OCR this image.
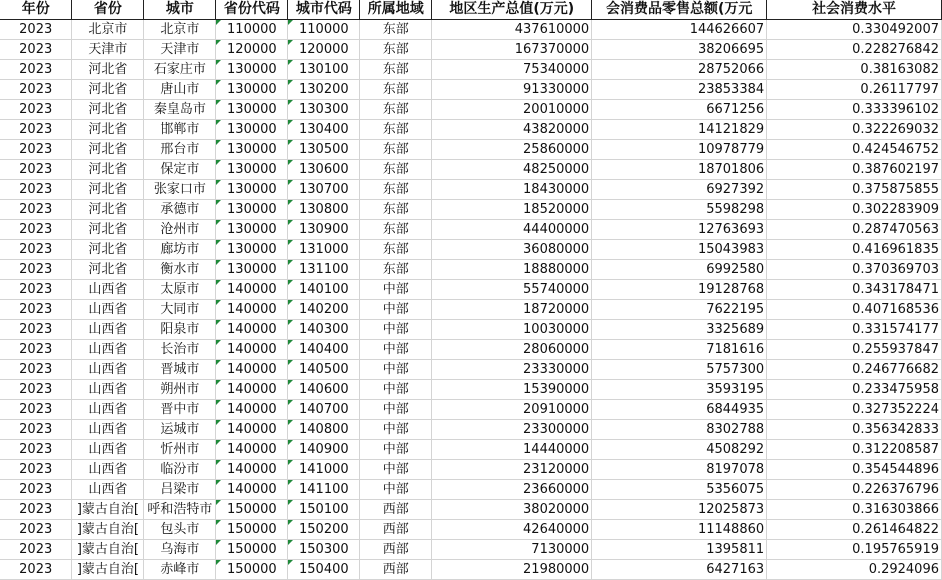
年份	省份	城市	省份代码	城市代码	所属地域	地区生产总值(万元)	会消费品零售总额(万元	社会消费水平
2023	北京市	北京市	110000	110000	东部	437610000	144626607	0.330492007
2023	天津市	天津市	120000	120000	东部	167370000	38206695	0.228276842
2023	河北省	石家庄市	130000	130100	东部	75340000	28752066	0.38163082
2023	河北省	唐山市	130000	130200	东部	91330000	23853384	0.26117797
2023	河北省	秦皇岛市	130000	130300	东部	20010000	6671256	0.333396102
2023	河北省	邯郸市	130000	130400	东部	43820000	14121829	0.322269032
2023	河北省	邢台市	130000	130500	东部	25860000	10978779	0.424546752
2023	河北省	保定市	130000	130600	东部	48250000	18701806	0.387602197
2023	河北省	张家口市	130000	130700	东部	18430000	6927392	0.375875855
2023	河北省	承德市	130000	130800	东部	18520000	5598298	0.302283909
2023	河北省	沧州市	130000	130900	东部	44400000	12763693	0.287470563
2023	河北省	廊坊市	130000	131000	东部	36080000	15043983	0.416961835
2023	河北省	衡水市	130000	131100	东部	18880000	6992580	0.370369703
2023	山西省	太原市	140000	140100	中部	55740000	19128768	0.343178471
2023	山西省	大同市	140000	140200	中部	18720000	7622195	0.407168536
2023	山西省	阳泉市	140000	140300	中部	10030000	3325689	0.331574177
2023	山西省	长治市	140000	140400	中部	28060000	7181616	0.255937847
2023	山西省	晋城市	140000	140500	中部	23330000	5757300	0.246776682
2023	山西省	朔州市	140000	140600	中部	15390000	3593195	0.233475958
2023	山西省	晋中市	140000	140700	中部	20910000	6844935	0.327352224
2023	山西省	运城市	140000	140800	中部	23300000	8302788	0.356342833
2023	山西省	忻州市	140000	140900	中部	14440000	4508292	0.312208587
2023	山西省	临汾市	140000	141000	中部	23120000	8197078	0.354544896
2023	山西省	吕梁市	140000	141100	中部	23660000	5356075	0.226376796
2023	]蒙古自治[	呼和浩特市	150000	150100	西部	38020000	12025873	0.316303866
2023	]蒙古自治[	包头市	150000	150200	西部	42640000	11148860	0.261464822
2023	]蒙古自治[	乌海市	150000	150300	西部	7130000	1395811	0.195765919
2023	]蒙古自治[	赤峰市	150000	150400	西部	21980000	6427163	0.2924096
